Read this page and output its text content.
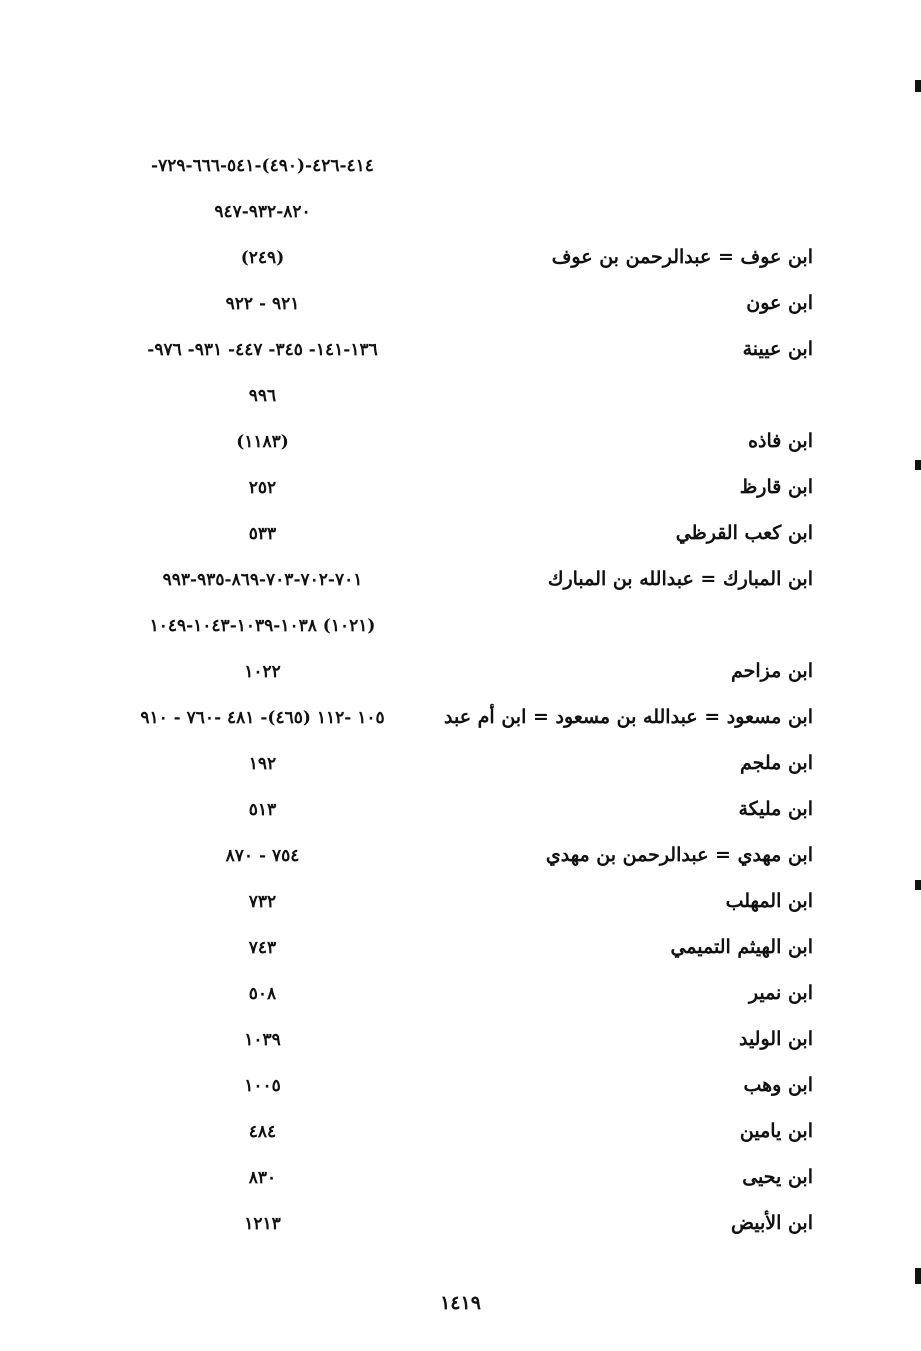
٤١٤-٤٢٦-(٤٩٠)-٥٤١-٦٦٦-٧٢٩-
٨٢٠-٩٣٢-٩٤٧
ابن عوف = عبدالرحمن بن عوف
(٢٤٩)
ابن عون
٩٢١ - ٩٢٢
ابن عيينة
١٣٦-١٤١- ٣٤٥- ٤٤٧- ٩٣١- ٩٧٦-
٩٩٦
ابن فاذه
(١١٨٣)
ابن قارظ
٢٥٢
ابن كعب القرظي
٥٣٣
ابن المبارك = عبدالله بن المبارك
٧٠١-٧٠٢-٧٠٣-٨٦٩-٩٣٥-٩٩٣
(١٠٢١) ١٠٣٨-١٠٣٩-١٠٤٣-١٠٤٩
ابن مزاحم
١٠٢٢
ابن مسعود = عبدالله بن مسعود = ابن أم عبد
١٠٥ -١١٢ (٤٦٥)- ٤٨١ -٧٦٠ - ٩١٠
ابن ملجم
١٩٢
ابن مليكة
٥١٣
ابن مهدي = عبدالرحمن بن مهدي
٧٥٤ - ٨٧٠
ابن المهلب
٧٣٢
ابن الهيثم التميمي
٧٤٣
ابن نمير
٥٠٨
ابن الوليد
١٠٣٩
ابن وهب
١٠٠٥
ابن يامين
٤٨٤
ابن يحيى
٨٣٠
ابن الأبيض
١٢١٣
١٤١٩
